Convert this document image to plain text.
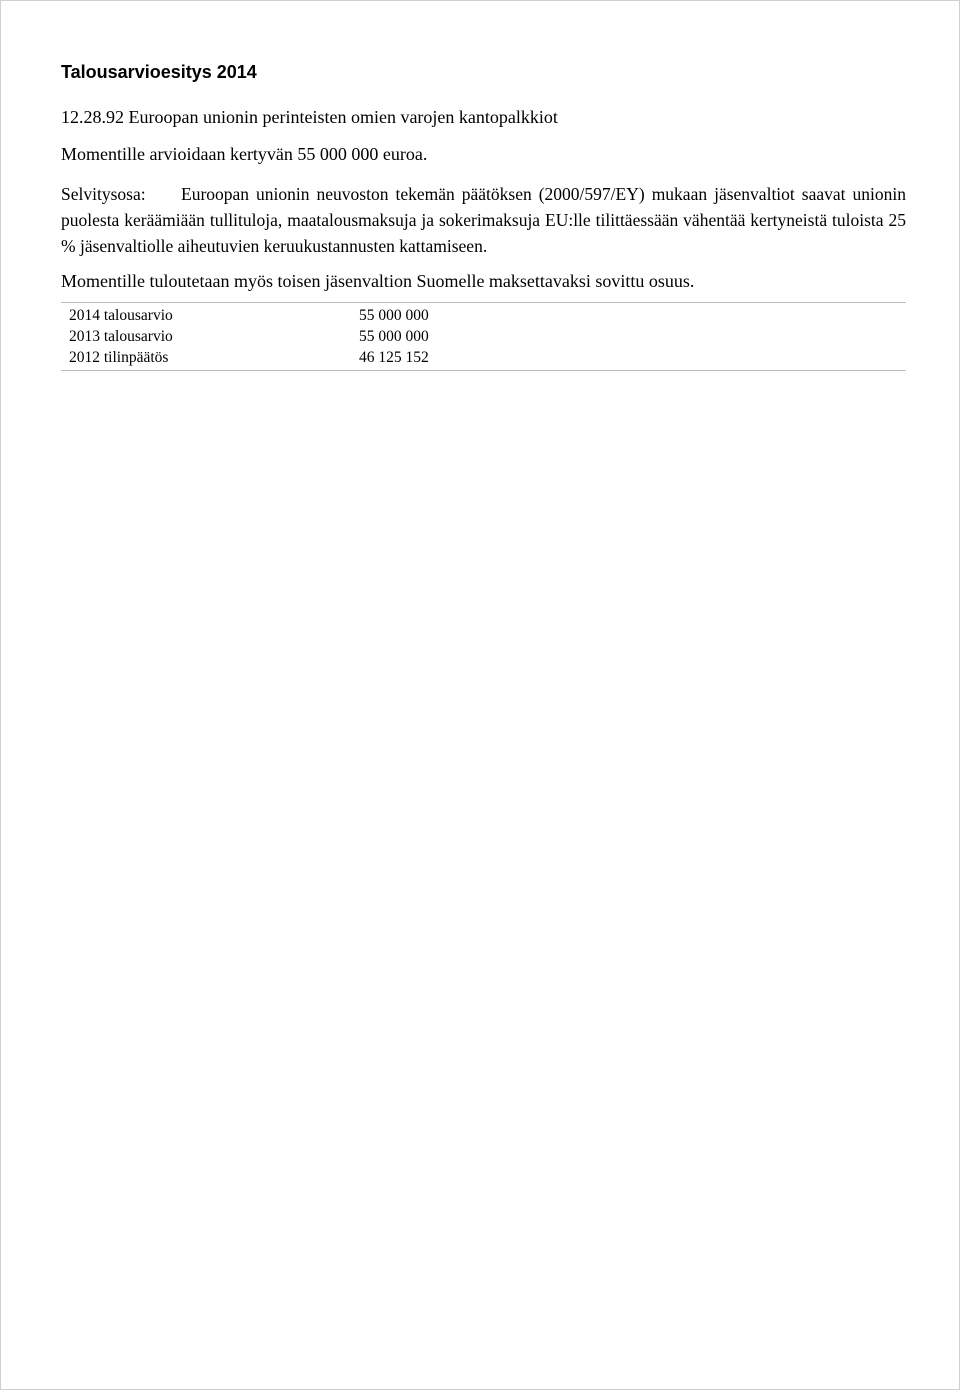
Talousarvioesitys 2014

12.28.92 Euroopan unionin perinteisten omien varojen kantopalkkiot

Momentille arvioidaan kertyvän 55 000 000 euroa.

Selvitysosa: Euroopan unionin neuvoston tekemän päätöksen (2000/597/EY) mukaan jäsenvaltiot saavat unionin puolesta keräämiään tullituloja, maatalousmaksuja ja sokerimaksuja EU:lle tilittäessään vähentää kertyneistä tuloista 25 % jäsenvaltiolle aiheutuvien keruukustannusten kattamiseen.

Momentille tuloutetaan myös toisen jäsenvaltion Suomelle maksettavaksi sovittu osuus.

2014 talousarvio	55 000 000
2013 talousarvio	55 000 000
2012 tilinpäätös	46 125 152
